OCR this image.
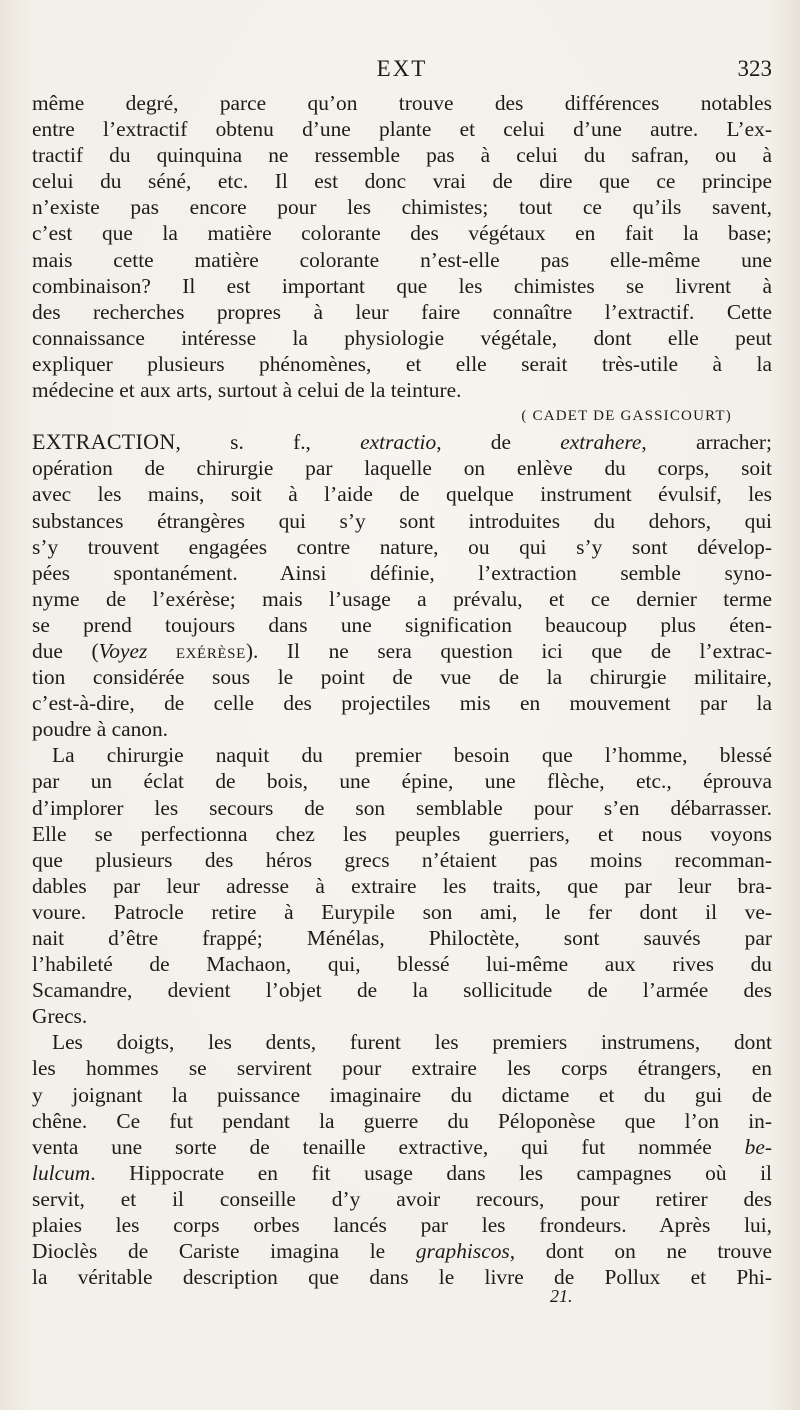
EXT	323
même degré, parce qu’on trouve des différences notables
entre l’extractif obtenu d’une plante et celui d’une autre. L’ex-
tractif du quinquina ne ressemble pas à celui du safran, ou à
celui du séné, etc. Il est donc vrai de dire que ce principe
n’existe pas encore pour les chimistes; tout ce qu’ils savent,
c’est que la matière colorante des végétaux en fait la base;
mais cette matière colorante n’est-elle pas elle-même une
combinaison? Il est important que les chimistes se livrent à
des recherches propres à leur faire connaître l’extractif. Cette
connaissance intéresse la physiologie végétale, dont elle peut
expliquer plusieurs phénomènes, et elle serait très-utile à la
médecine et aux arts, surtout à celui de la teinture.
( CADET DE GASSICOURT)
EXTRACTION, s. f., extractio, de extrahere, arracher;
opération de chirurgie par laquelle on enlève du corps, soit
avec les mains, soit à l’aide de quelque instrument évulsif, les
substances étrangères qui s’y sont introduites du dehors, qui
s’y trouvent engagées contre nature, ou qui s’y sont dévelop-
pées spontanément. Ainsi définie, l’extraction semble syno-
nyme de l’exérèse; mais l’usage a prévalu, et ce dernier terme
se prend toujours dans une signification beaucoup plus éten-
due (Voyez EXÉRÈSE). Il ne sera question ici que de l’extrac-
tion considérée sous le point de vue de la chirurgie militaire,
c’est-à-dire, de celle des projectiles mis en mouvement par la
poudre à canon.
La chirurgie naquit du premier besoin que l’homme, blessé
par un éclat de bois, une épine, une flèche, etc., éprouva
d’implorer les secours de son semblable pour s’en débarrasser.
Elle se perfectionna chez les peuples guerriers, et nous voyons
que plusieurs des héros grecs n’étaient pas moins recomman-
dables par leur adresse à extraire les traits, que par leur bra-
voure. Patrocle retire à Eurypile son ami, le fer dont il ve-
nait d’être frappé; Ménélas, Philoctète, sont sauvés par
l’habileté de Machaon, qui, blessé lui-même aux rives du
Scamandre, devient l’objet de la sollicitude de l’armée des
Grecs.
Les doigts, les dents, furent les premiers instrumens, dont
les hommes se servirent pour extraire les corps étrangers, en
y joignant la puissance imaginaire du dictame et du gui de
chêne. Ce fut pendant la guerre du Péloponèse que l’on in-
venta une sorte de tenaille extractive, qui fut nommée be-
lulcum. Hippocrate en fit usage dans les campagnes où il
servit, et il conseille d’y avoir recours, pour retirer des
plaies les corps orbes lancés par les frondeurs. Après lui,
Dioclès de Cariste imagina le graphiscos, dont on ne trouve
la véritable description que dans le livre de Pollux et Phi-
21.
